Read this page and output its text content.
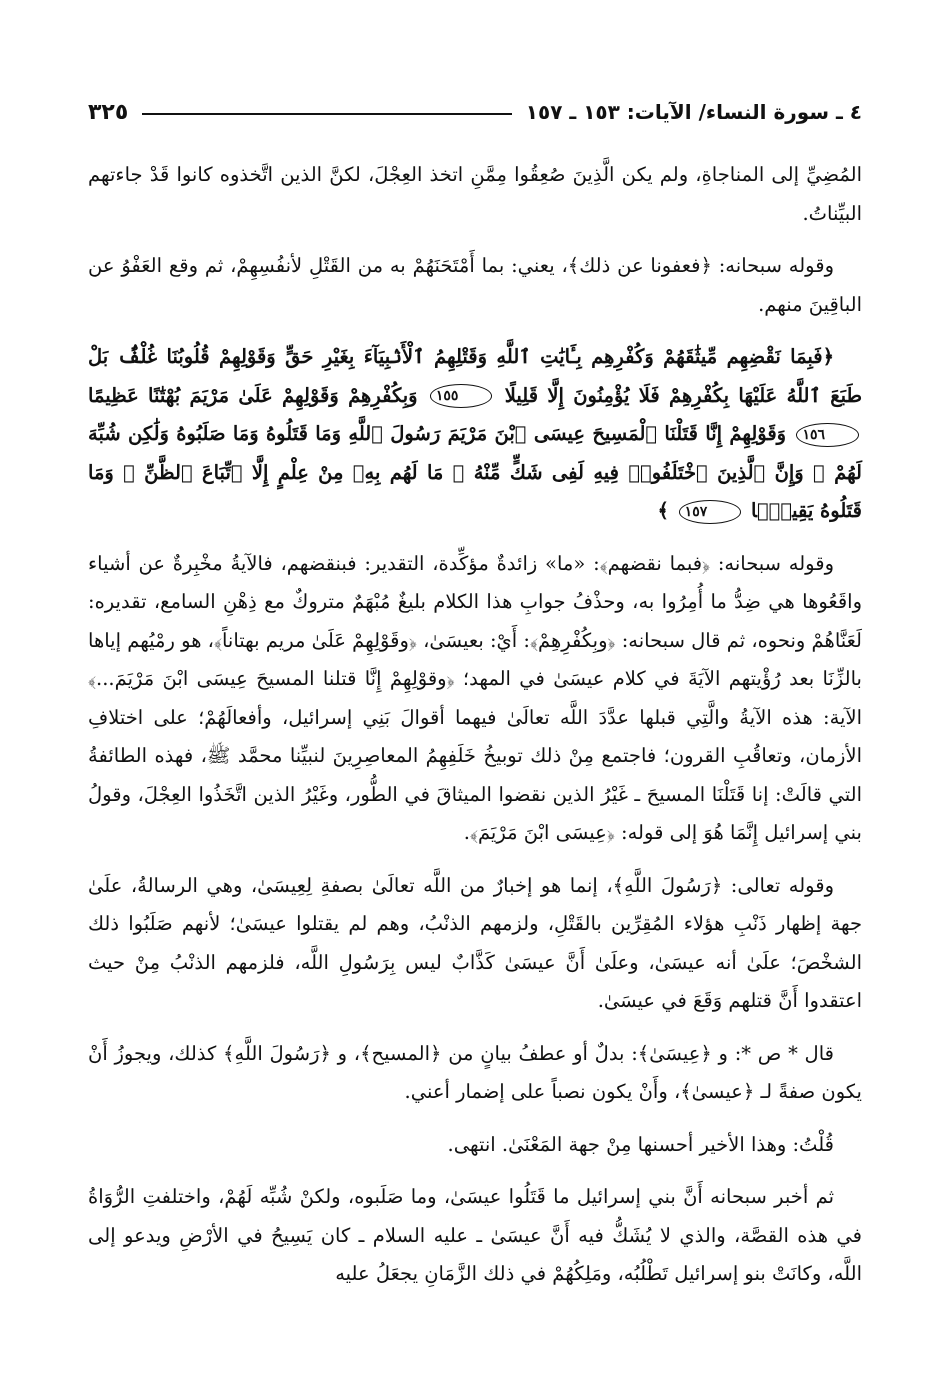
٤ ـ سورة النساء/ الآيات: ١٥٣ ـ ١٥٧
٣٢٥

المُضِيِّ إلى المناجاةِ، ولم يكن الَّذِينَ صُعِقُوا مِمَّنِ اتخذ العِجْلَ، لكنَّ الذين اتَّخذوه كانوا قَدْ جاءتهم البيِّناتُ.

وقوله سبحانه: ﴿فعفونا عن ذلك﴾، يعني: بما أَمْتَحَنَهُمْ به من القَتْلِ لأنفُسِهِمْ، ثم وقع العَفْوُ عن الباقِينَ منهم.

﴿فَبِمَا نَقْضِهِم مِّيثَٰقَهُمْ وَكُفْرِهِم بِـَٔايَٰتِ ٱللَّهِ وَقَتْلِهِمُ ٱلْأَنۢبِيَآءَ بِغَيْرِ حَقٍّ وَقَوْلِهِمْ قُلُوبُنَا غُلْفٌۢ بَلْ طَبَعَ ٱللَّهُ عَلَيْهَا بِكُفْرِهِمْ فَلَا يُؤْمِنُونَ إِلَّا قَلِيلًا ١٥٥ وَبِكُفْرِهِمْ وَقَوْلِهِمْ عَلَىٰ مَرْيَمَ بُهْتَٰنًا عَظِيمًا ١٥٦ وَقَوْلِهِمْ إِنَّا قَتَلْنَا ٱلْمَسِيحَ عِيسَى ٱبْنَ مَرْيَمَ رَسُولَ ٱللَّهِ وَمَا قَتَلُوهُ وَمَا صَلَبُوهُ وَلَٰكِن شُبِّهَ لَهُمْ ۚ وَإِنَّ ٱلَّذِينَ ٱخْتَلَفُوا۟ فِيهِ لَفِى شَكٍّ مِّنْهُ ۚ مَا لَهُم بِهِۦ مِنْ عِلْمٍ إِلَّا ٱتِّبَاعَ ٱلظَّنِّ ۚ وَمَا قَتَلُوهُ يَقِينًۢا ١٥٧ ﴾

وقوله سبحانه: ﴿فبما نقضهم﴾: «ما» زائدةٌ مؤكِّدة، التقدير: فبنقضهم، فالآيةُ مخْبِرةٌ عن أشياء واقَعُوها هي ضِدُّ ما أُمِرُوا به، وحذْفُ جوابِ هذا الكلام بليغٌ مُبْهَمٌ متروكٌ مع ذِهْنِ السامع، تقديره: لَعَنَّاهُمْ ونحوه، ثم قال سبحانه: ﴿وبِكُفْرِهِمْ﴾: أَيْ: بعيسَىٰ، ﴿وقَوْلِهِمْ عَلَىٰ مريم بهتاناً﴾، هو رمْيُهم إياها بالزِّنَا بعد رُؤْيتهم الآيَةَ في كلام عيسَىٰ في المهد؛ ﴿وقوْلِهِمْ إِنَّا قتلنا المسيحَ عِيسَى ابْنَ مَرْيَمَ...﴾ الآية: هذه الآيةُ والَّتِي قبلها عدَّدَ اللَّه تعالَىٰ فيهما أقوالَ بَنِي إسرائيل، وأفعالَهُمْ؛ على اختلافِ الأزمان، وتعاقُبِ القرون؛ فاجتمع مِنْ ذلك توبيخُ خَلَفِهِمُ المعاصِرِينَ لنبيِّنا محمَّد ﷺ، فهذه الطائفةُ التي قالَتْ: إنا قَتَلْنَا المسيحَ ـ غَيْرُ الذين نقضوا الميثاقَ في الطُّور، وغَيْرُ الذين اتَّخَذُوا العِجْلَ، وقولُ بني إسرائيل إِنَّمَا هُوَ إلى قوله: ﴿عِيسَى ابْنَ مَرْيَمَ﴾.

وقوله تعالى: ﴿رَسُولَ اللَّهِ﴾، إنما هو إخبارٌ من اللَّه تعالَىٰ بصفةِ لِعِيسَىٰ، وهي الرسالةُ، علَىٰ جهة إظهار ذَنْبِ هؤلاء المُقِرِّين بالقَتْلِ، ولزمهم الذنْبُ، وهم لم يقتلوا عيسَىٰ؛ لأنهم صَلَبُوا ذلك الشخْصَ؛ علَىٰ أنه عيسَىٰ، وعلَىٰ أَنَّ عيسَىٰ كَذَّابٌ ليس بِرَسُولِ اللَّه، فلزمهم الذنْبُ مِنْ حيث اعتقدوا أَنَّ قتلهم وَقَعَ في عيسَىٰ.

قال * ص *: و ﴿عِيسَىٰ﴾: بدلٌ أو عطفُ بيانٍ من ﴿المسيح﴾، و ﴿رَسُولَ اللَّهِ﴾ كذلك، ويجوزُ أَنْ يكون صفةً لـ ﴿عيسىٰ﴾، وأَنْ يكون نصباً على إضمار أعني.

قُلْتُ: وهذا الأخير أحسنها مِنْ جهة المَعْنَىٰ. انتهى.

ثم أخبر سبحانه أَنَّ بني إسرائيل ما قَتَلُوا عيسَىٰ، وما صَلَبوه، ولكنْ شُبِّه لَهُمْ، واختلفتِ الرُّوَاةُ في هذه القصَّة، والذي لا يُشَكُّ فيه أَنَّ عيسَىٰ ـ عليه السلام ـ كان يَسِيحُ في الأرْضِ ويدعو إلى اللَّه، وكانَتْ بنو إسرائيل تَطْلُبُه، ومَلِكُهُمْ في ذلك الزَّمَانِ يجعَلُ عليه
